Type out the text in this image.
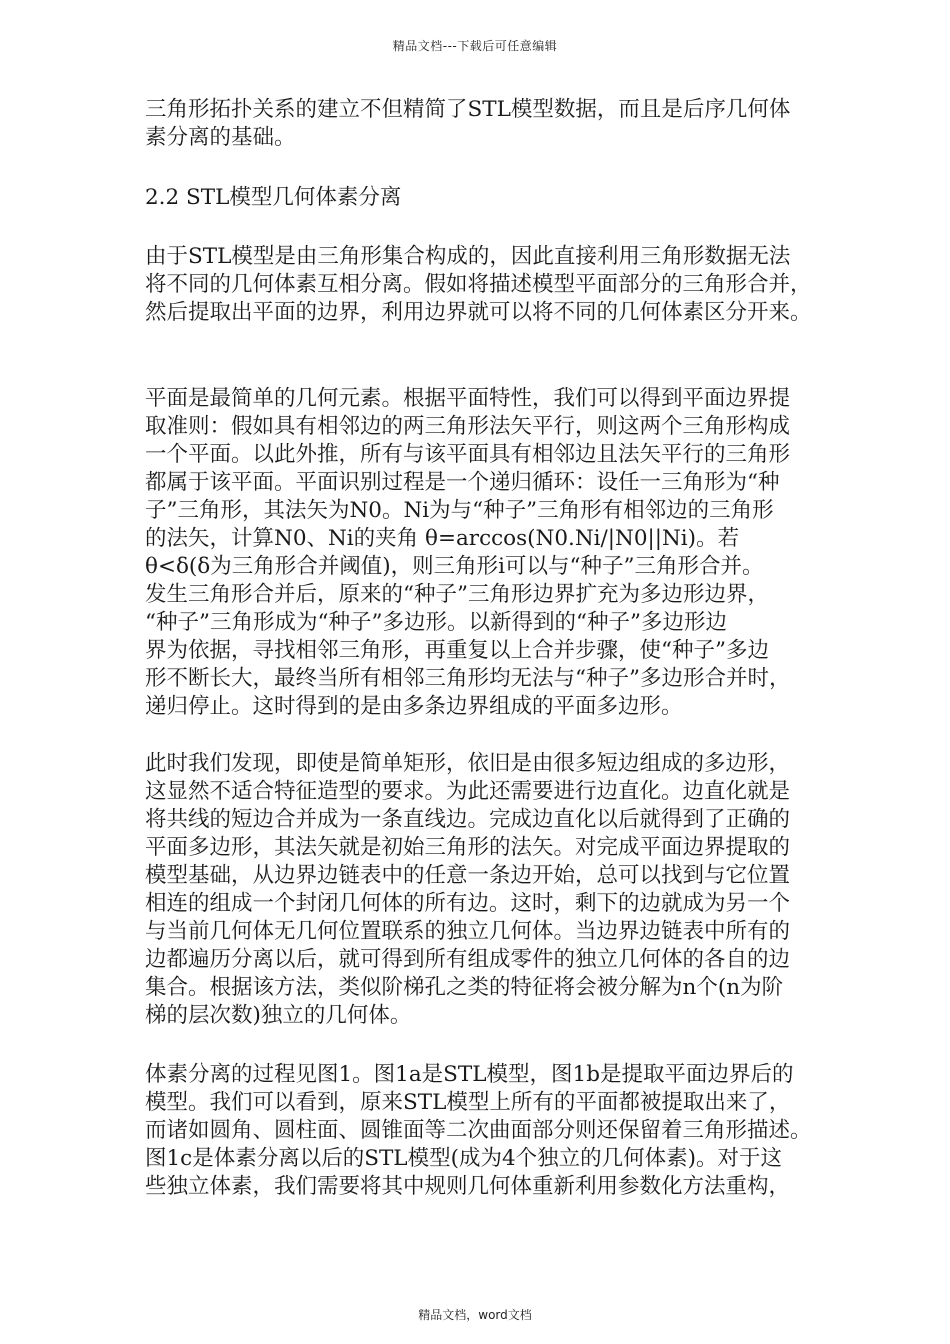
精品文档---下载后可任意编辑
三角形拓扑关系的建立不但精简了STL模型数据，而且是后序几何体
素分离的基础。
2.2 STL模型几何体素分离
由于STL模型是由三角形集合构成的，因此直接利用三角形数据无法
将不同的几何体素互相分离。假如将描述模型平面部分的三角形合并，
然后提取出平面的边界，利用边界就可以将不同的几何体素区分开来。
平面是最简单的几何元素。根据平面特性，我们可以得到平面边界提
取准则：假如具有相邻边的两三角形法矢平行，则这两个三角形构成
一个平面。以此外推，所有与该平面具有相邻边且法矢平行的三角形
都属于该平面。平面识别过程是一个递归循环：设任一三角形为“种
子”三角形，其法矢为N0。Ni为与“种子”三角形有相邻边的三角形
的法矢，计算N0、Ni的夹角 θ=arccos(N0.Ni/|N0||Ni)。若
θ<δ(δ为三角形合并阈值)，则三角形i可以与“种子”三角形合并。
发生三角形合并后，原来的“种子”三角形边界扩充为多边形边界，
“种子”三角形成为“种子”多边形。以新得到的“种子”多边形边
界为依据，寻找相邻三角形，再重复以上合并步骤，使“种子”多边
形不断长大，最终当所有相邻三角形均无法与“种子”多边形合并时，
递归停止。这时得到的是由多条边界组成的平面多边形。
此时我们发现，即使是简单矩形，依旧是由很多短边组成的多边形，
这显然不适合特征造型的要求。为此还需要进行边直化。边直化就是
将共线的短边合并成为一条直线边。完成边直化以后就得到了正确的
平面多边形，其法矢就是初始三角形的法矢。对完成平面边界提取的
模型基础，从边界边链表中的任意一条边开始，总可以找到与它位置
相连的组成一个封闭几何体的所有边。这时，剩下的边就成为另一个
与当前几何体无几何位置联系的独立几何体。当边界边链表中所有的
边都遍历分离以后，就可得到所有组成零件的独立几何体的各自的边
集合。根据该方法，类似阶梯孔之类的特征将会被分解为n个(n为阶
梯的层次数)独立的几何体。
体素分离的过程见图1。图1a是STL模型，图1b是提取平面边界后的
模型。我们可以看到，原来STL模型上所有的平面都被提取出来了，
而诸如圆角、圆柱面、圆锥面等二次曲面部分则还保留着三角形描述。
图1c是体素分离以后的STL模型(成为4个独立的几何体素)。对于这
些独立体素，我们需要将其中规则几何体重新利用参数化方法重构，
精品文档，word文档
